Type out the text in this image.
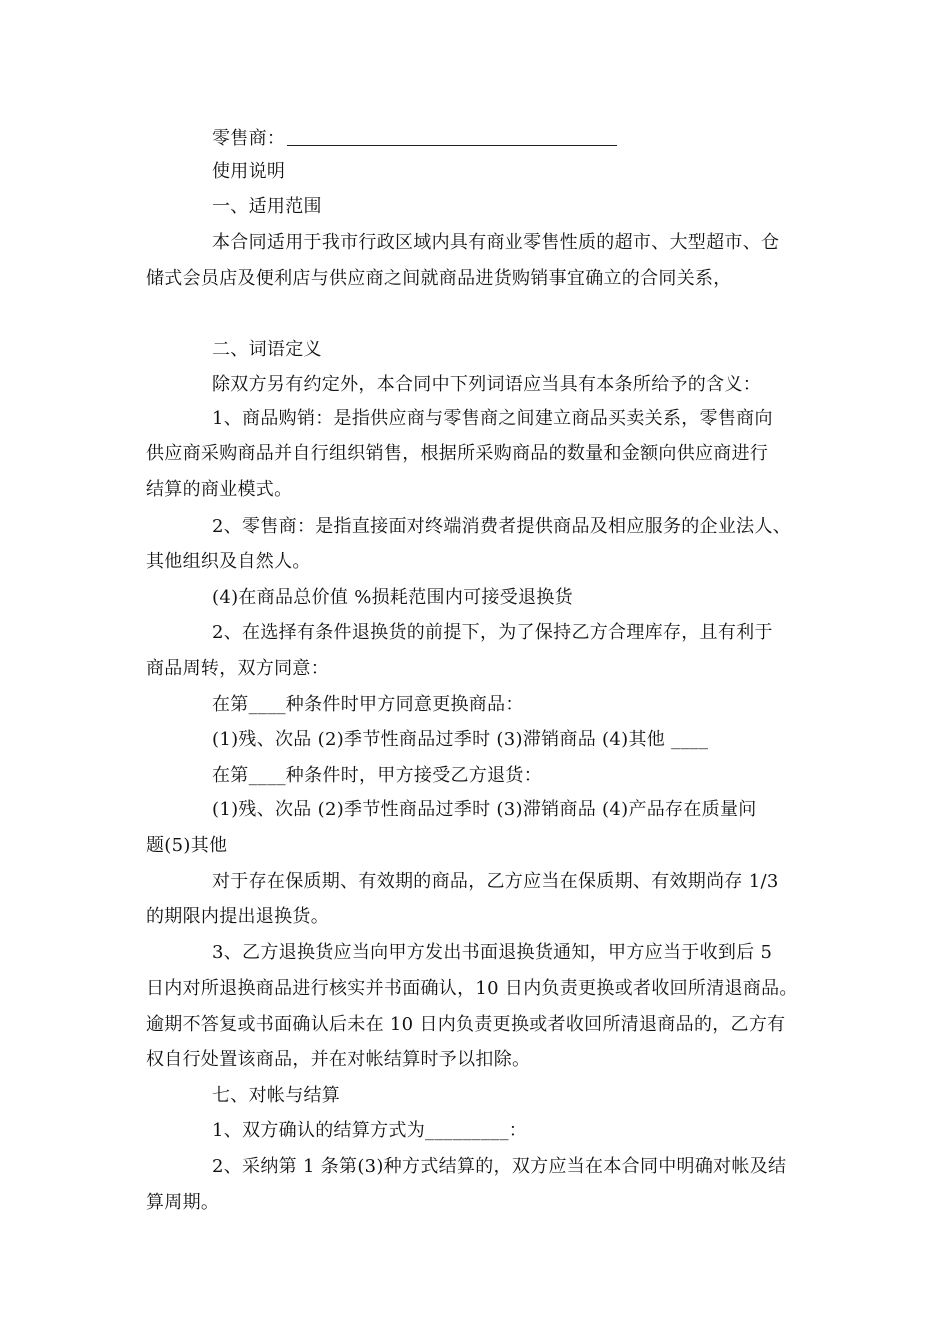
零售商：
使用说明
一、适用范围
本合同适用于我市行政区域内具有商业零售性质的超市、大型超市、仓
储式会员店及便利店与供应商之间就商品进货购销事宜确立的合同关系，
二、词语定义
除双方另有约定外，本合同中下列词语应当具有本条所给予的含义：
1、商品购销：是指供应商与零售商之间建立商品买卖关系，零售商向
供应商采购商品并自行组织销售，根据所采购商品的数量和金额向供应商进行
结算的商业模式。
2、零售商：是指直接面对终端消费者提供商品及相应服务的企业法人、
其他组织及自然人。
(4)在商品总价值 %损耗范围内可接受退换货
2、在选择有条件退换货的前提下，为了保持乙方合理库存，且有利于
商品周转，双方同意：
在第____种条件时甲方同意更换商品：
(1)残、次品 (2)季节性商品过季时 (3)滞销商品 (4)其他 ____
在第____种条件时，甲方接受乙方退货：
(1)残、次品 (2)季节性商品过季时 (3)滞销商品 (4)产品存在质量问
题(5)其他
对于存在保质期、有效期的商品，乙方应当在保质期、有效期尚存 1/3
的期限内提出退换货。
3、乙方退换货应当向甲方发出书面退换货通知，甲方应当于收到后 5
日内对所退换商品进行核实并书面确认，10 日内负责更换或者收回所清退商品。
逾期不答复或书面确认后未在 10 日内负责更换或者收回所清退商品的，乙方有
权自行处置该商品，并在对帐结算时予以扣除。
七、对帐与结算
1、双方确认的结算方式为_________：
2、采纳第 1 条第(3)种方式结算的，双方应当在本合同中明确对帐及结
算周期。
